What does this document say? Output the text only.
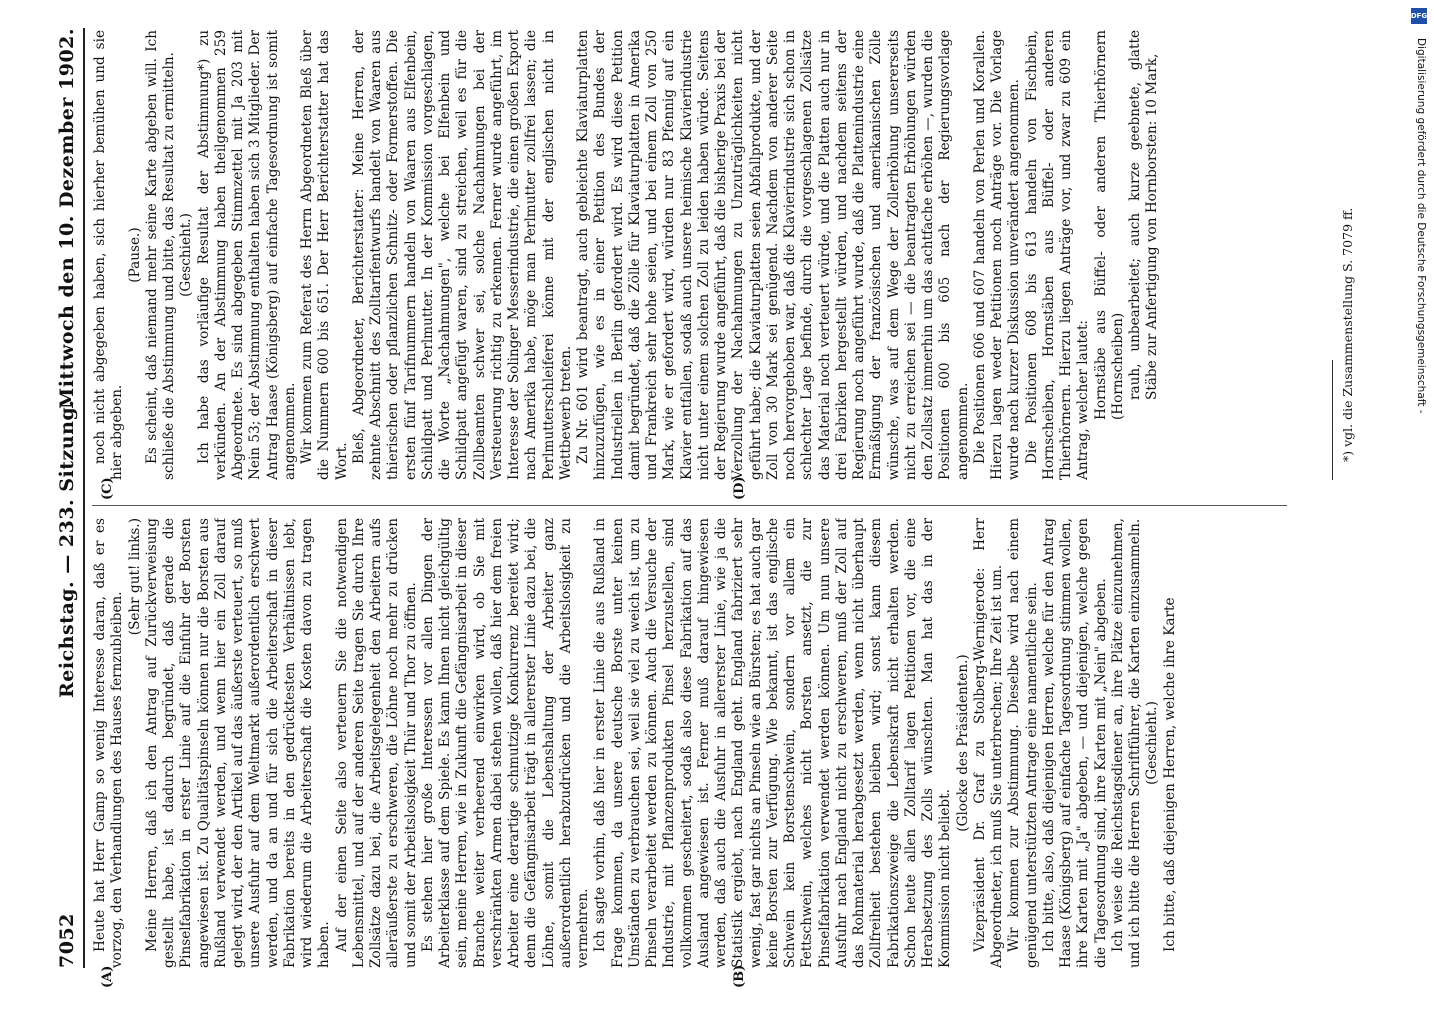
7052
Reichstag. — 233. Sitzung.
Mittwoch den 10. Dezember 1902.

Heute hat Herr Gamp so wenig Interesse daran, daß er es vorzog, den Verhandlungen des Hauses fernzubleiben.

(Sehr gut! links.) Meine Herren, daß ich den Antrag auf Zurückverweisung gestellt habe, ist dadurch begründet, daß gerade die Pinselfabrikation in erster Linie auf die Einfuhr der Borsten angewiesen ist. Zu Qualitätspinseln können nur die Borsten aus Rußland verwendet werden, und wenn hier ein Zoll darauf gelegt wird, der den Artikel auf das äußerste verteuert, so muß unsere Ausfuhr auf dem Weltmarkt außerordentlich erschwert werden, und da an und für sich die Arbeiterschaft in dieser Fabrikation bereits in den gedrücktesten Verhältnissen lebt, wird wiederum die Arbeiterschaft die Kosten davon zu tragen haben. Auf der einen Seite also verteuern Sie die notwendigen Lebensmittel, und auf der anderen Seite tragen Sie durch Ihre Zollsätze dazu bei, die Arbeitsgelegenheit den Arbeitern aufs alleräußerste zu erschweren, die Löhne noch mehr zu drücken und somit der Arbeitslosigkeit Thür und Thor zu öffnen. Es stehen hier große Interessen vor allen Dingen der Arbeiterklasse auf dem Spiele. Es kann Ihnen nicht gleichgültig sein, meine Herren, wie in Zukunft die Gefängnisarbeit in dieser Branche weiter verheerend einwirken wird, ob Sie mit verschränkten Armen dabei stehen wollen, daß hier dem freien Arbeiter eine derartige schmutzige Konkurrenz bereitet wird; denn die Gefängnisarbeit trägt in allererster Linie dazu bei, die Löhne, somit die Lebenshaltung der Arbeiter ganz außerordentlich herabzudrücken und die Arbeitslosigkeit zu vermehren. Ich sagte vorhin, daß hier in erster Linie die aus Rußland in Frage kommen, da unsere deutsche Borste unter keinen Umständen zu verbrauchen sei, weil sie viel zu weich ist, um zu Pinseln verarbeitet werden zu können. Auch die Versuche der Industrie, mit Pflanzenprodukten Pinsel herzustellen, sind vollkommen gescheitert, sodaß also diese Fabrikation auf das Ausland angewiesen ist. Ferner muß darauf hingewiesen werden, daß auch die Ausfuhr in allererster Linie, wie ja die Statistik ergiebt, nach England geht. England fabriziert sehr wenig, fast gar nichts an Pinseln wie an Bürsten; es hat auch gar keine Borsten zur Verfügung. Wie bekannt, ist das englische Schwein kein Borstenschwein, sondern vor allem ein Fettschwein, welches nicht Borsten ansetzt, die zur Pinselfabrikation verwendet werden können. Um nun unsere Ausfuhr nach England nicht zu erschweren, muß der Zoll auf das Rohmaterial herabgesetzt werden, wenn nicht überhaupt Zollfreiheit bestehen bleiben wird; sonst kann diesem Fabrikationszweige die Lebenskraft nicht erhalten werden. Schon heute allen Zolltarif lagen Petitionen vor, die eine Herabsetzung des Zolls wünschten. Man hat das in der Kommission nicht beliebt.

(Glocke des Präsidenten.) Vizepräsident Dr. Graf zu Stolberg-Wernigerode: Herr Abgeordneter, ich muß Sie unterbrechen; Ihre Zeit ist um. Wir kommen zur Abstimmung. Dieselbe wird nach einem genügend unterstützten Antrage eine namentliche sein. Ich bitte, also, daß diejenigen Herren, welche für den Antrag Haase (Königsberg) auf einfache Tagesordnung stimmen wollen, ihre Karten mit „Ja" abgeben, — und diejenigen, welche gegen die Tagesordnung sind, ihre Karten mit „Nein" abgeben. Ich weise die Reichstagsdiener an, ihre Plätze einzunehmen, und ich bitte die Herren Schriftführer, die Karten einzusammeln. (Geschieht.) Ich bitte, daß diejenigen Herren, welche ihre Karte

noch nicht abgegeben haben, sich hierher bemühen und sie hier abgeben.

(Pause.) Es scheint, daß niemand mehr seine Karte abgeben will. Ich schließe die Abstimmung und bitte, das Resultat zu ermitteln. (Geschieht.) Ich habe das vorläufige Resultat der Abstimmung*) zu verkünden. An der Abstimmung haben theilgenommen 259 Abgeordnete. Es sind abgegeben Stimmzettel mit Ja 203 mit Nein 53; der Abstimmung enthalten haben sich 3 Mitglieder. Der Antrag Haase (Königsberg) auf einfache Tagesordnung ist somit angenommen. Wir kommen zum Referat des Herrn Abgeordneten Bleß über die Nummern 600 bis 651. Der Herr Berichterstatter hat das Wort. Bleß, Abgeordneter, Berichterstatter: Meine Herren, der zehnte Abschnitt des Zolltarifentwurfs handelt von Waaren aus thierischen oder pflanzlichen Schnitz- oder Formerstoffen. Die ersten fünf Tarifnummern handeln von Waaren aus Elfenbein, Schildpatt und Perlmutter. In der Kommission vorgeschlagen, die Worte „Nachahmungen", welche bei Elfenbein und Schildpatt angefügt waren, sind zu streichen, weil es für die Zollbeamten schwer sei, solche Nachahmungen bei der Versteuerung richtig zu erkennen. Ferner wurde angeführt, im Interesse der Solinger Messerindustrie, die einen großen Export nach Amerika habe, möge man Perlmutter zollfrei lassen; die Perlmutterschleiferei könne mit der englischen nicht in Wettbewerb treten. Zu Nr. 601 wird beantragt, auch gebleichte Klaviaturplatten hinzuzufügen, wie es in einer Petition des Bundes der Industriellen in Berlin gefordert wird. Es wird diese Petition damit begründet, daß die Zölle für Klaviaturplatten in Amerika und Frankreich sehr hohe seien, und bei einem Zoll von 250 Mark, wie er gefordert wird, würden nur 83 Pfennig auf ein Klavier entfallen, sodaß auch unsere heimische Klavierindustrie nicht unter einem solchen Zoll zu leiden haben würde. Seitens der Regierung wurde angeführt, daß die bisherige Praxis bei der Verzollung der Nachahmungen zu Unzuträglichkeiten nicht geführt habe; die Klaviaturplatten seien Abfallprodukte, und der Zoll von 30 Mark sei genügend. Nachdem von anderer Seite noch hervorgehoben war, daß die Klavierindustrie sich schon in schlechter Lage befinde, durch die vorgeschlagenen Zollsätze das Material noch verteuert würde, und die Platten auch nur in drei Fabriken hergestellt würden, und nachdem seitens der Regierung noch angeführt wurde, daß die Plattenindustrie eine Ermäßigung der französischen und amerikanischen Zölle wünsche, was auf dem Wege der Zollerhöhung unsererseits nicht zu erreichen sei — die beantragten Erhöhungen würden den Zollsatz immerhin um das achtfache erhöhen —, wurden die Positionen 600 bis 605 nach der Regierungsvorlage angenommen. Die Positionen 606 und 607 handeln von Perlen und Korallen. Hierzu lagen weder Petitionen noch Anträge vor. Die Vorlage wurde nach kurzer Diskussion unverändert angenommen. Die Positionen 608 bis 613 handeln von Fischbein, Hornscheiben, Hornstäben aus Büffel- oder anderen Thierhörnern. Hierzu liegen Anträge vor, und zwar zu 609 ein Antrag, welcher lautet: Hornstäbe aus Büffel- oder anderen Thierhörnern (Hornscheiben) rauh, unbearbeitet; auch kurze geebnete, glatte Stäbe zur Anfertigung von Hornborsten: 10 Mark,

(A)	(B)
(C)	(D)
*) vgl. die Zusammenstellung S. 7079 ff.
DFG
Digitalisierung gefördert durch die Deutsche Forschungsgemeinschaft -
